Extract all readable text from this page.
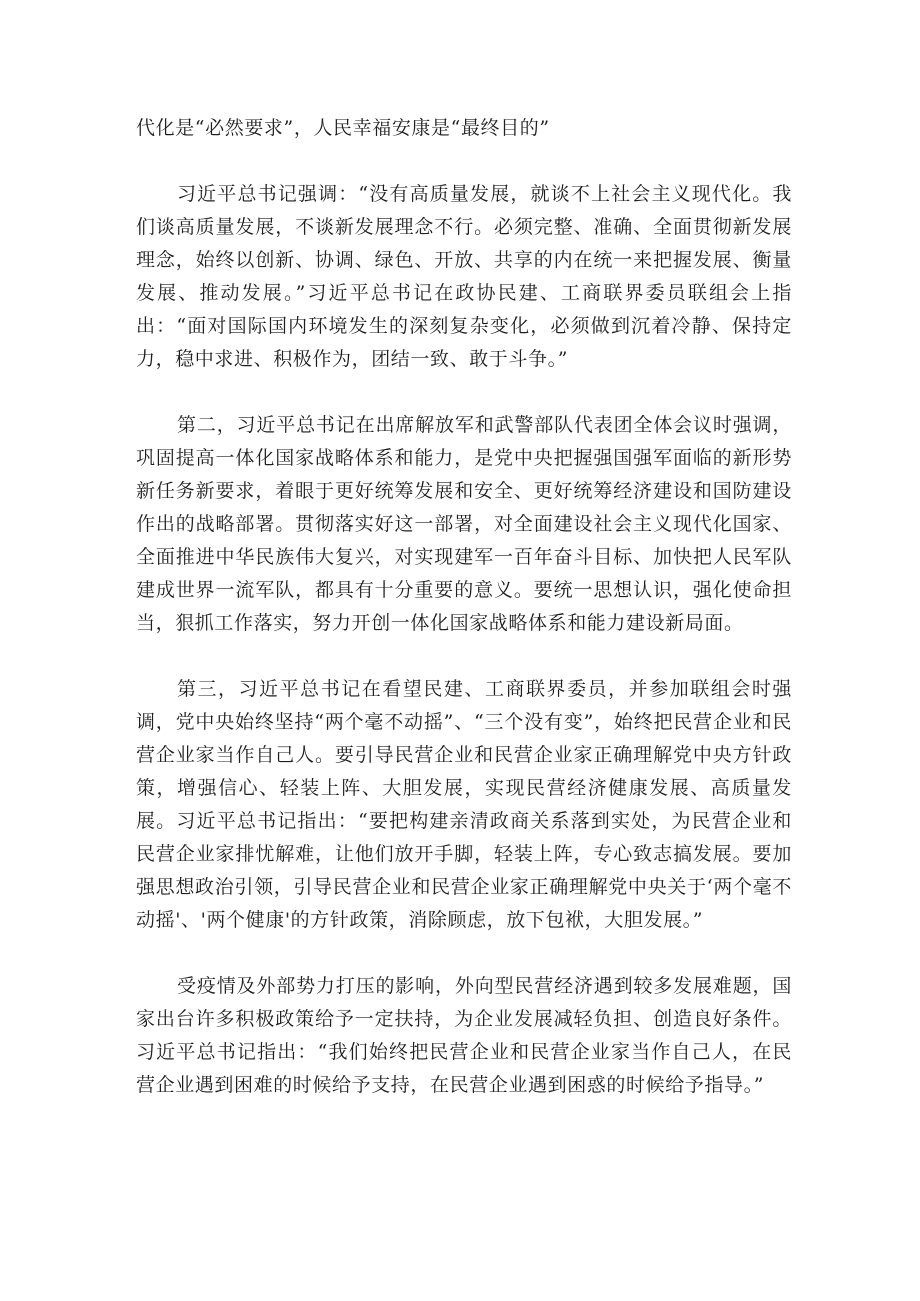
代化是“必然要求”，人民幸福安康是“最终目的”

习近平总书记强调：“没有高质量发展，就谈不上社会主义现代化。我们谈高质量发展，不谈新发展理念不行。必须完整、准确、全面贯彻新发展理念，始终以创新、协调、绿色、开放、共享的内在统一来把握发展、衡量发展、推动发展。”习近平总书记在政协民建、工商联界委员联组会上指出：“面对国际国内环境发生的深刻复杂变化，必须做到沉着冷静、保持定力，稳中求进、积极作为，团结一致、敢于斗争。”

第二，习近平总书记在出席解放军和武警部队代表团全体会议时强调，巩固提高一体化国家战略体系和能力，是党中央把握强国强军面临的新形势新任务新要求，着眼于更好统筹发展和安全、更好统筹经济建设和国防建设作出的战略部署。贯彻落实好这一部署，对全面建设社会主义现代化国家、全面推进中华民族伟大复兴，对实现建军一百年奋斗目标、加快把人民军队建成世界一流军队，都具有十分重要的意义。要统一思想认识，强化使命担当，狠抓工作落实，努力开创一体化国家战略体系和能力建设新局面。

第三，习近平总书记在看望民建、工商联界委员，并参加联组会时强调，党中央始终坚持“两个毫不动摇”、“三个没有变”，始终把民营企业和民营企业家当作自己人。要引导民营企业和民营企业家正确理解党中央方针政策，增强信心、轻装上阵、大胆发展，实现民营经济健康发展、高质量发展。习近平总书记指出：“要把构建亲清政商关系落到实处，为民营企业和民营企业家排忧解难，让他们放开手脚，轻装上阵，专心致志搞发展。要加强思想政治引领，引导民营企业和民营企业家正确理解党中央关于‘两个毫不动摇'、'两个健康'的方针政策，消除顾虑，放下包袱，大胆发展。”

受疫情及外部势力打压的影响，外向型民营经济遇到较多发展难题，国家出台许多积极政策给予一定扶持，为企业发展减轻负担、创造良好条件。习近平总书记指出：“我们始终把民营企业和民营企业家当作自己人，在民营企业遇到困难的时候给予支持，在民营企业遇到困惑的时候给予指导。”
